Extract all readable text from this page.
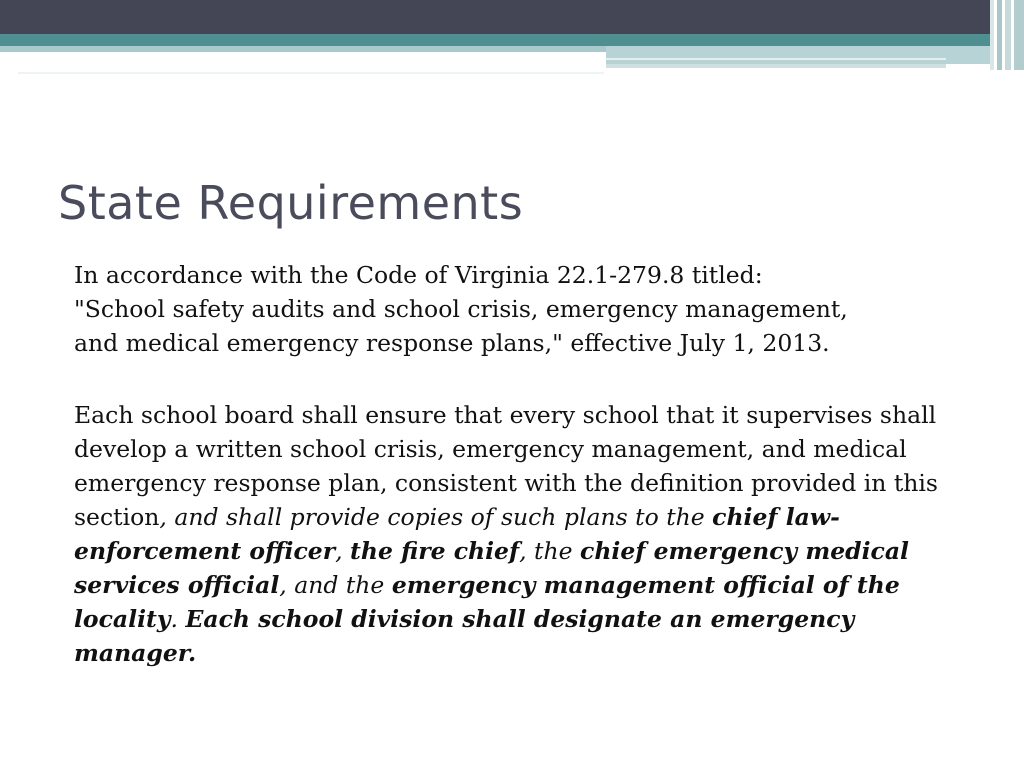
State Requirements

In accordance with the Code of Virginia 22.1-279.8 titled:
"School safety audits and school crisis, emergency management,
and medical emergency response plans," effective July 1, 2013.

Each school board shall ensure that every school that it supervises shall develop a written school crisis, emergency management, and medical emergency response plan, consistent with the definition provided in this section, and shall provide copies of such plans to the chief law-enforcement officer, the fire chief, the chief emergency medical services official, and the emergency management official of the locality. Each school division shall designate an emergency manager.
